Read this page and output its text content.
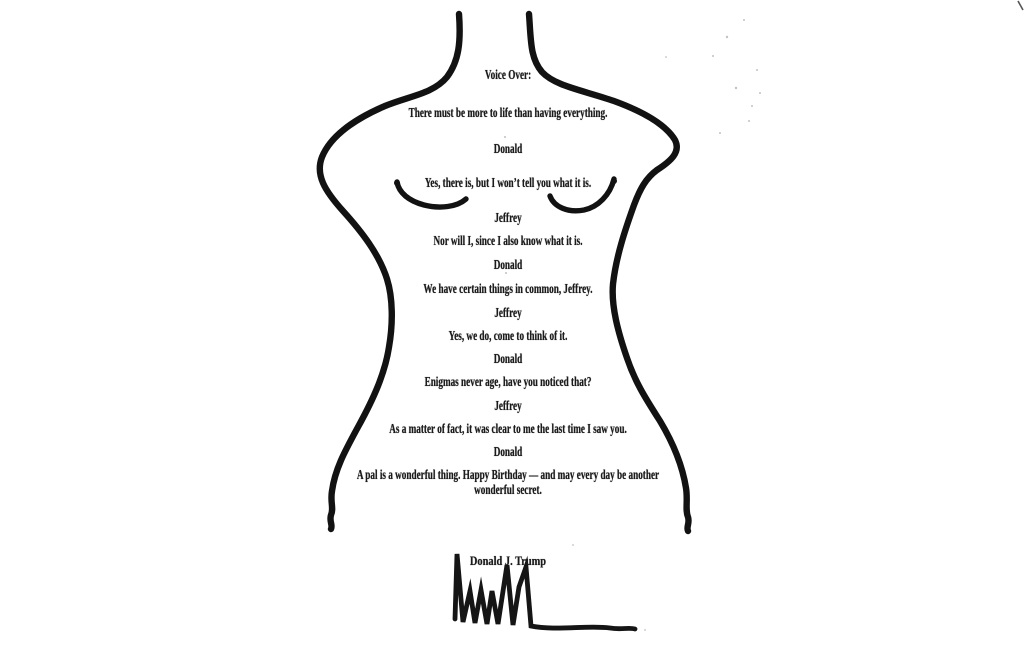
Voice Over:
There must be more to life than having everything.
Donald
Yes, there is, but I won’t tell you what it is.
Jeffrey
Nor will I, since I also know what it is.
Donald
We have certain things in common, Jeffrey.
Jeffrey
Yes, we do, come to think of it.
Donald
Enigmas never age, have you noticed that?
Jeffrey
As a matter of fact, it was clear to me the last time I saw you.
Donald
A pal is a wonderful thing. Happy Birthday — and may every day be another wonderful secret.
Donald J. Trump
